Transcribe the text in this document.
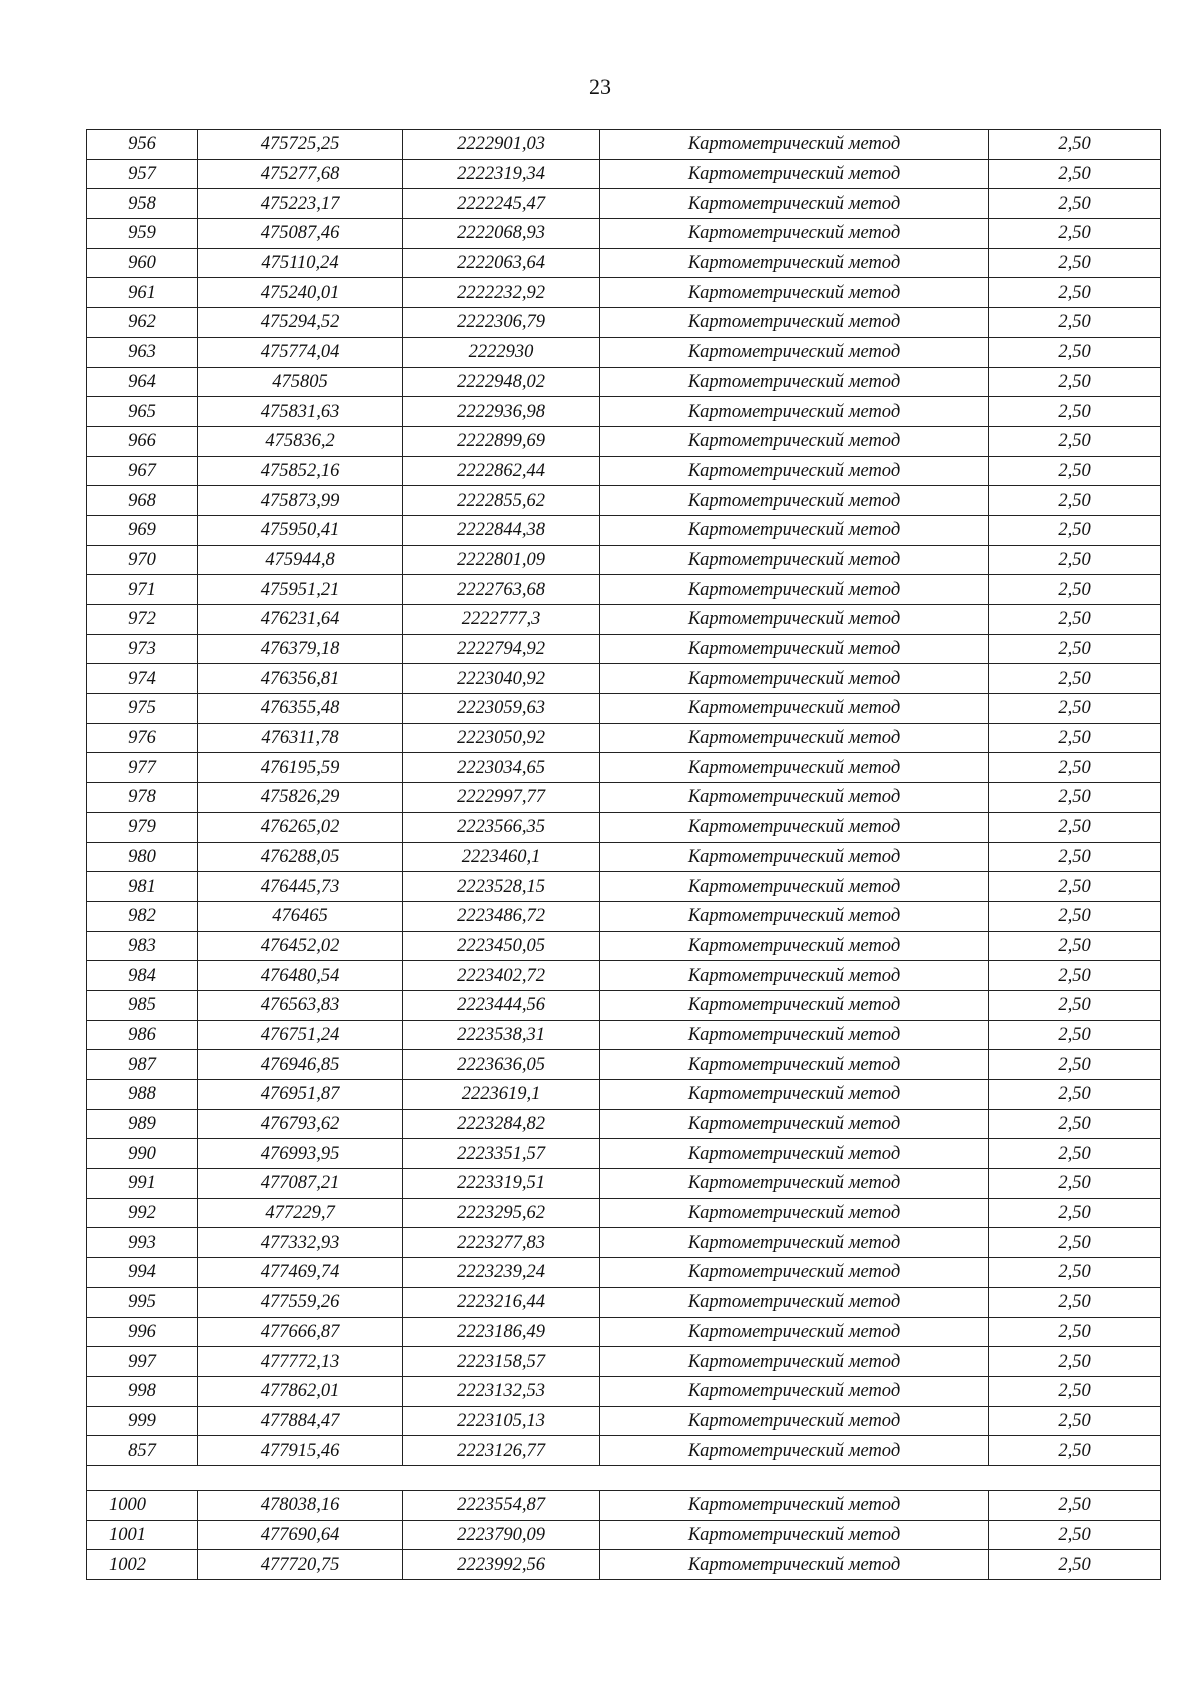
23
956	475725,25	2222901,03	Картометрический метод	2,50
957	475277,68	2222319,34	Картометрический метод	2,50
958	475223,17	2222245,47	Картометрический метод	2,50
959	475087,46	2222068,93	Картометрический метод	2,50
960	475110,24	2222063,64	Картометрический метод	2,50
961	475240,01	2222232,92	Картометрический метод	2,50
962	475294,52	2222306,79	Картометрический метод	2,50
963	475774,04	2222930	Картометрический метод	2,50
964	475805	2222948,02	Картометрический метод	2,50
965	475831,63	2222936,98	Картометрический метод	2,50
966	475836,2	2222899,69	Картометрический метод	2,50
967	475852,16	2222862,44	Картометрический метод	2,50
968	475873,99	2222855,62	Картометрический метод	2,50
969	475950,41	2222844,38	Картометрический метод	2,50
970	475944,8	2222801,09	Картометрический метод	2,50
971	475951,21	2222763,68	Картометрический метод	2,50
972	476231,64	2222777,3	Картометрический метод	2,50
973	476379,18	2222794,92	Картометрический метод	2,50
974	476356,81	2223040,92	Картометрический метод	2,50
975	476355,48	2223059,63	Картометрический метод	2,50
976	476311,78	2223050,92	Картометрический метод	2,50
977	476195,59	2223034,65	Картометрический метод	2,50
978	475826,29	2222997,77	Картометрический метод	2,50
979	476265,02	2223566,35	Картометрический метод	2,50
980	476288,05	2223460,1	Картометрический метод	2,50
981	476445,73	2223528,15	Картометрический метод	2,50
982	476465	2223486,72	Картометрический метод	2,50
983	476452,02	2223450,05	Картометрический метод	2,50
984	476480,54	2223402,72	Картометрический метод	2,50
985	476563,83	2223444,56	Картометрический метод	2,50
986	476751,24	2223538,31	Картометрический метод	2,50
987	476946,85	2223636,05	Картометрический метод	2,50
988	476951,87	2223619,1	Картометрический метод	2,50
989	476793,62	2223284,82	Картометрический метод	2,50
990	476993,95	2223351,57	Картометрический метод	2,50
991	477087,21	2223319,51	Картометрический метод	2,50
992	477229,7	2223295,62	Картометрический метод	2,50
993	477332,93	2223277,83	Картометрический метод	2,50
994	477469,74	2223239,24	Картометрический метод	2,50
995	477559,26	2223216,44	Картометрический метод	2,50
996	477666,87	2223186,49	Картометрический метод	2,50
997	477772,13	2223158,57	Картометрический метод	2,50
998	477862,01	2223132,53	Картометрический метод	2,50
999	477884,47	2223105,13	Картометрический метод	2,50
857	477915,46	2223126,77	Картометрический метод	2,50

1000	478038,16	2223554,87	Картометрический метод	2,50
1001	477690,64	2223790,09	Картометрический метод	2,50
1002	477720,75	2223992,56	Картометрический метод	2,50
